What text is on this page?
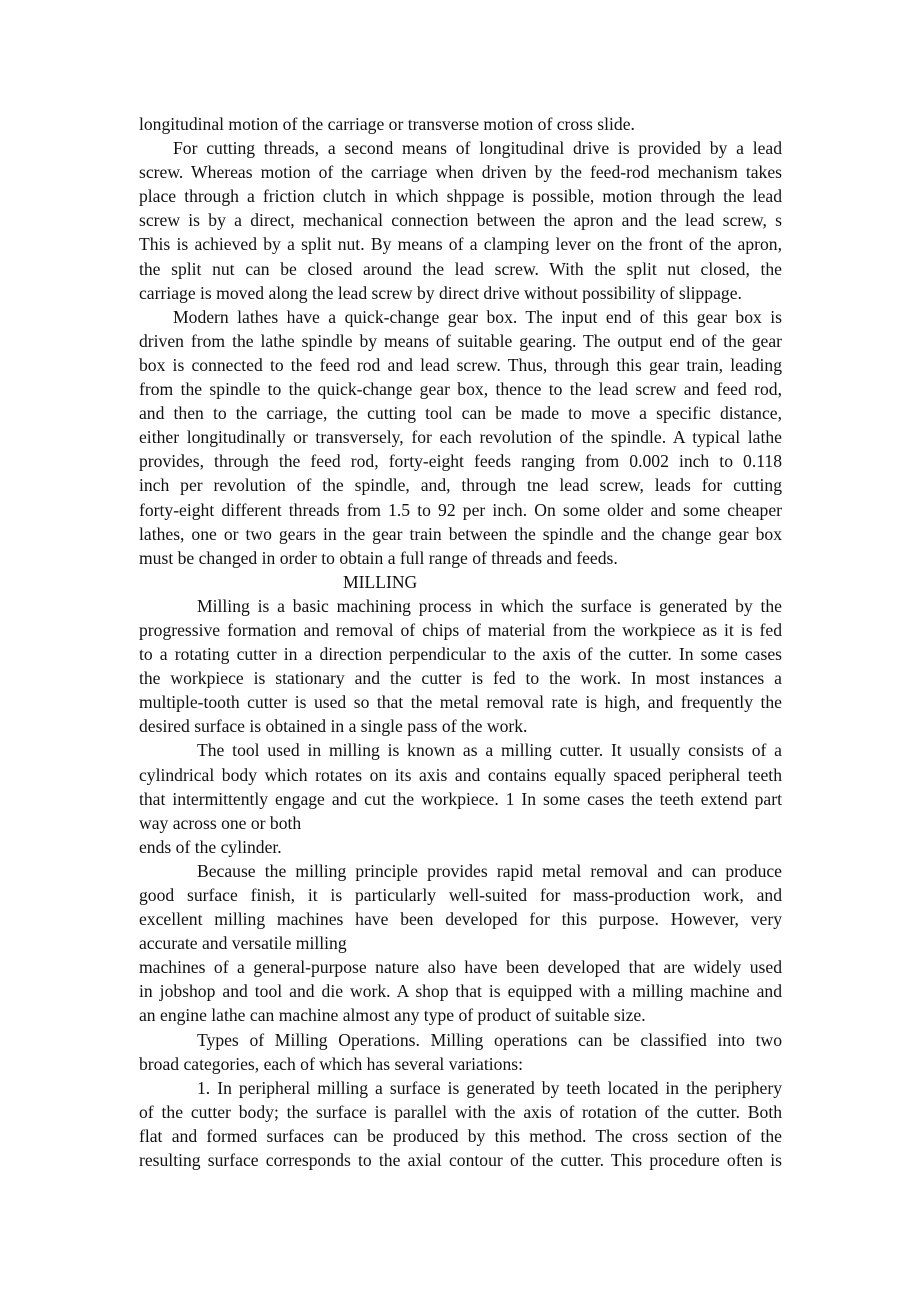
longitudinal motion of the carriage or transverse motion of cross slide.
For cutting threads, a second means of longitudinal drive is provided by a lead
screw. Whereas motion of the carriage when driven by the feed-rod mechanism takes
place through a friction clutch in which shppage is possible, motion through the lead
screw is by a direct, mechanical connection between the apron and the lead screw, s
This is achieved by a split nut. By means of a clamping lever on the front of the apron,
the split nut can be closed around the lead screw. With the split nut closed, the
carriage is moved along the lead screw by direct drive without possibility of slippage.
Modern lathes have a quick-change gear box. The input end of this gear box is
driven from the lathe spindle by means of suitable gearing. The output end of the gear
box is connected to the feed rod and lead screw. Thus, through this gear train, leading
from the spindle to the quick-change gear box, thence to the lead screw and feed rod,
and then to the carriage, the cutting tool can be made to move a specific distance,
either longitudinally or transversely, for each revolution of the spindle. A typical lathe
provides, through the feed rod, forty-eight feeds ranging from 0.002 inch to 0.118
inch per revolution of the spindle, and, through tne lead screw, leads for cutting
forty-eight different threads from 1.5 to 92 per inch. On some older and some cheaper
lathes, one or two gears in the gear train between the spindle and the change gear box
must be changed in order to obtain a full range of threads and feeds.
MILLING
Milling is a basic machining process in which the surface is generated by the
progressive formation and removal of chips of material from the workpiece as it is fed
to a rotating cutter in a direction perpendicular to the axis of the cutter. In some cases
the workpiece is stationary and the cutter is fed to the work. In most instances a
multiple-tooth cutter is used so that the metal removal rate is high, and frequently the
desired surface is obtained in a single pass of the work.
The tool used in milling is known as a milling cutter. It usually consists of a
cylindrical body which rotates on its axis and contains equally spaced peripheral teeth
that intermittently engage and cut the workpiece. 1 In some cases the teeth extend part
way across one or both
ends of the cylinder.
Because the milling principle provides rapid metal removal and can produce
good surface finish, it is particularly well-suited for mass-production work, and
excellent milling machines have been developed for this purpose. However, very
accurate and versatile milling
machines of a general-purpose nature also have been developed that are widely used
in jobshop and tool and die work. A shop that is equipped with a milling machine and
an engine lathe can machine almost any type of product of suitable size.
Types of Milling Operations. Milling operations can be classified into two
broad categories, each of which has several variations:
1. In peripheral milling a surface is generated by teeth located in the periphery
of the cutter body; the surface is parallel with the axis of rotation of the cutter. Both
flat and formed surfaces can be produced by this method. The cross section of the
resulting surface corresponds to the axial contour of the cutter. This procedure often is
